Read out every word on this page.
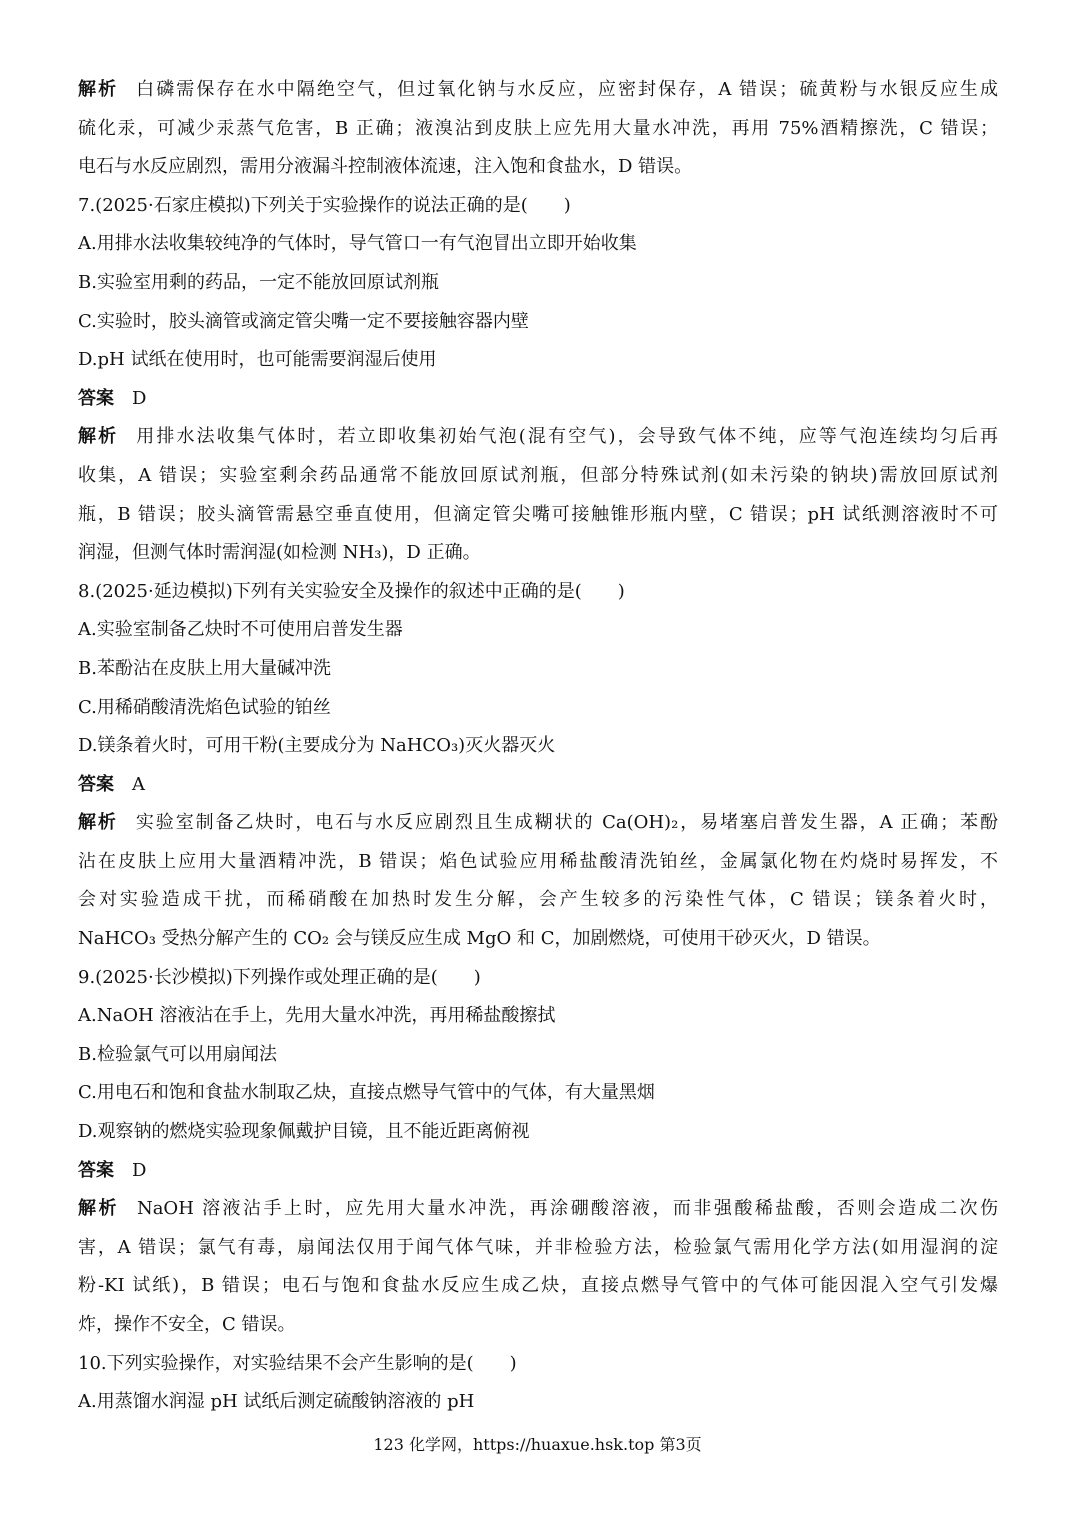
解析 白磷需保存在水中隔绝空气，但过氧化钠与水反应，应密封保存，A 错误；硫黄粉与水银反应生成
硫化汞，可减少汞蒸气危害，B 正确；液溴沾到皮肤上应先用大量水冲洗，再用 75%酒精擦洗，C 错误；
电石与水反应剧烈，需用分液漏斗控制液体流速，注入饱和食盐水，D 错误。
7.(2025·石家庄模拟)下列关于实验操作的说法正确的是(　　)
A.用排水法收集较纯净的气体时，导气管口一有气泡冒出立即开始收集
B.实验室用剩的药品，一定不能放回原试剂瓶
C.实验时，胶头滴管或滴定管尖嘴一定不要接触容器内壁
D.pH 试纸在使用时，也可能需要润湿后使用
答案 D
解析 用排水法收集气体时，若立即收集初始气泡(混有空气)，会导致气体不纯，应等气泡连续均匀后再
收集，A 错误；实验室剩余药品通常不能放回原试剂瓶，但部分特殊试剂(如未污染的钠块)需放回原试剂
瓶，B 错误；胶头滴管需悬空垂直使用，但滴定管尖嘴可接触锥形瓶内壁，C 错误；pH 试纸测溶液时不可
润湿，但测气体时需润湿(如检测 NH₃)，D 正确。
8.(2025·延边模拟)下列有关实验安全及操作的叙述中正确的是(　　)
A.实验室制备乙炔时不可使用启普发生器
B.苯酚沾在皮肤上用大量碱冲洗
C.用稀硝酸清洗焰色试验的铂丝
D.镁条着火时，可用干粉(主要成分为 NaHCO₃)灭火器灭火
答案 A
解析 实验室制备乙炔时，电石与水反应剧烈且生成糊状的 Ca(OH)₂，易堵塞启普发生器，A 正确；苯酚
沾在皮肤上应用大量酒精冲洗，B 错误；焰色试验应用稀盐酸清洗铂丝，金属氯化物在灼烧时易挥发，不
会对实验造成干扰，而稀硝酸在加热时发生分解，会产生较多的污染性气体，C 错误；镁条着火时，
NaHCO₃ 受热分解产生的 CO₂ 会与镁反应生成 MgO 和 C，加剧燃烧，可使用干砂灭火，D 错误。
9.(2025·长沙模拟)下列操作或处理正确的是(　　)
A.NaOH 溶液沾在手上，先用大量水冲洗，再用稀盐酸擦拭
B.检验氯气可以用扇闻法
C.用电石和饱和食盐水制取乙炔，直接点燃导气管中的气体，有大量黑烟
D.观察钠的燃烧实验现象佩戴护目镜，且不能近距离俯视
答案 D
解析 NaOH 溶液沾手上时，应先用大量水冲洗，再涂硼酸溶液，而非强酸稀盐酸，否则会造成二次伤
害，A 错误；氯气有毒，扇闻法仅用于闻气体气味，并非检验方法，检验氯气需用化学方法(如用湿润的淀
粉-KI 试纸)，B 错误；电石与饱和食盐水反应生成乙炔，直接点燃导气管中的气体可能因混入空气引发爆
炸，操作不安全，C 错误。
10.下列实验操作，对实验结果不会产生影响的是(　　)
A.用蒸馏水润湿 pH 试纸后测定硫酸钠溶液的 pH
123 化学网，https://huaxue.hsk.top 第3页
